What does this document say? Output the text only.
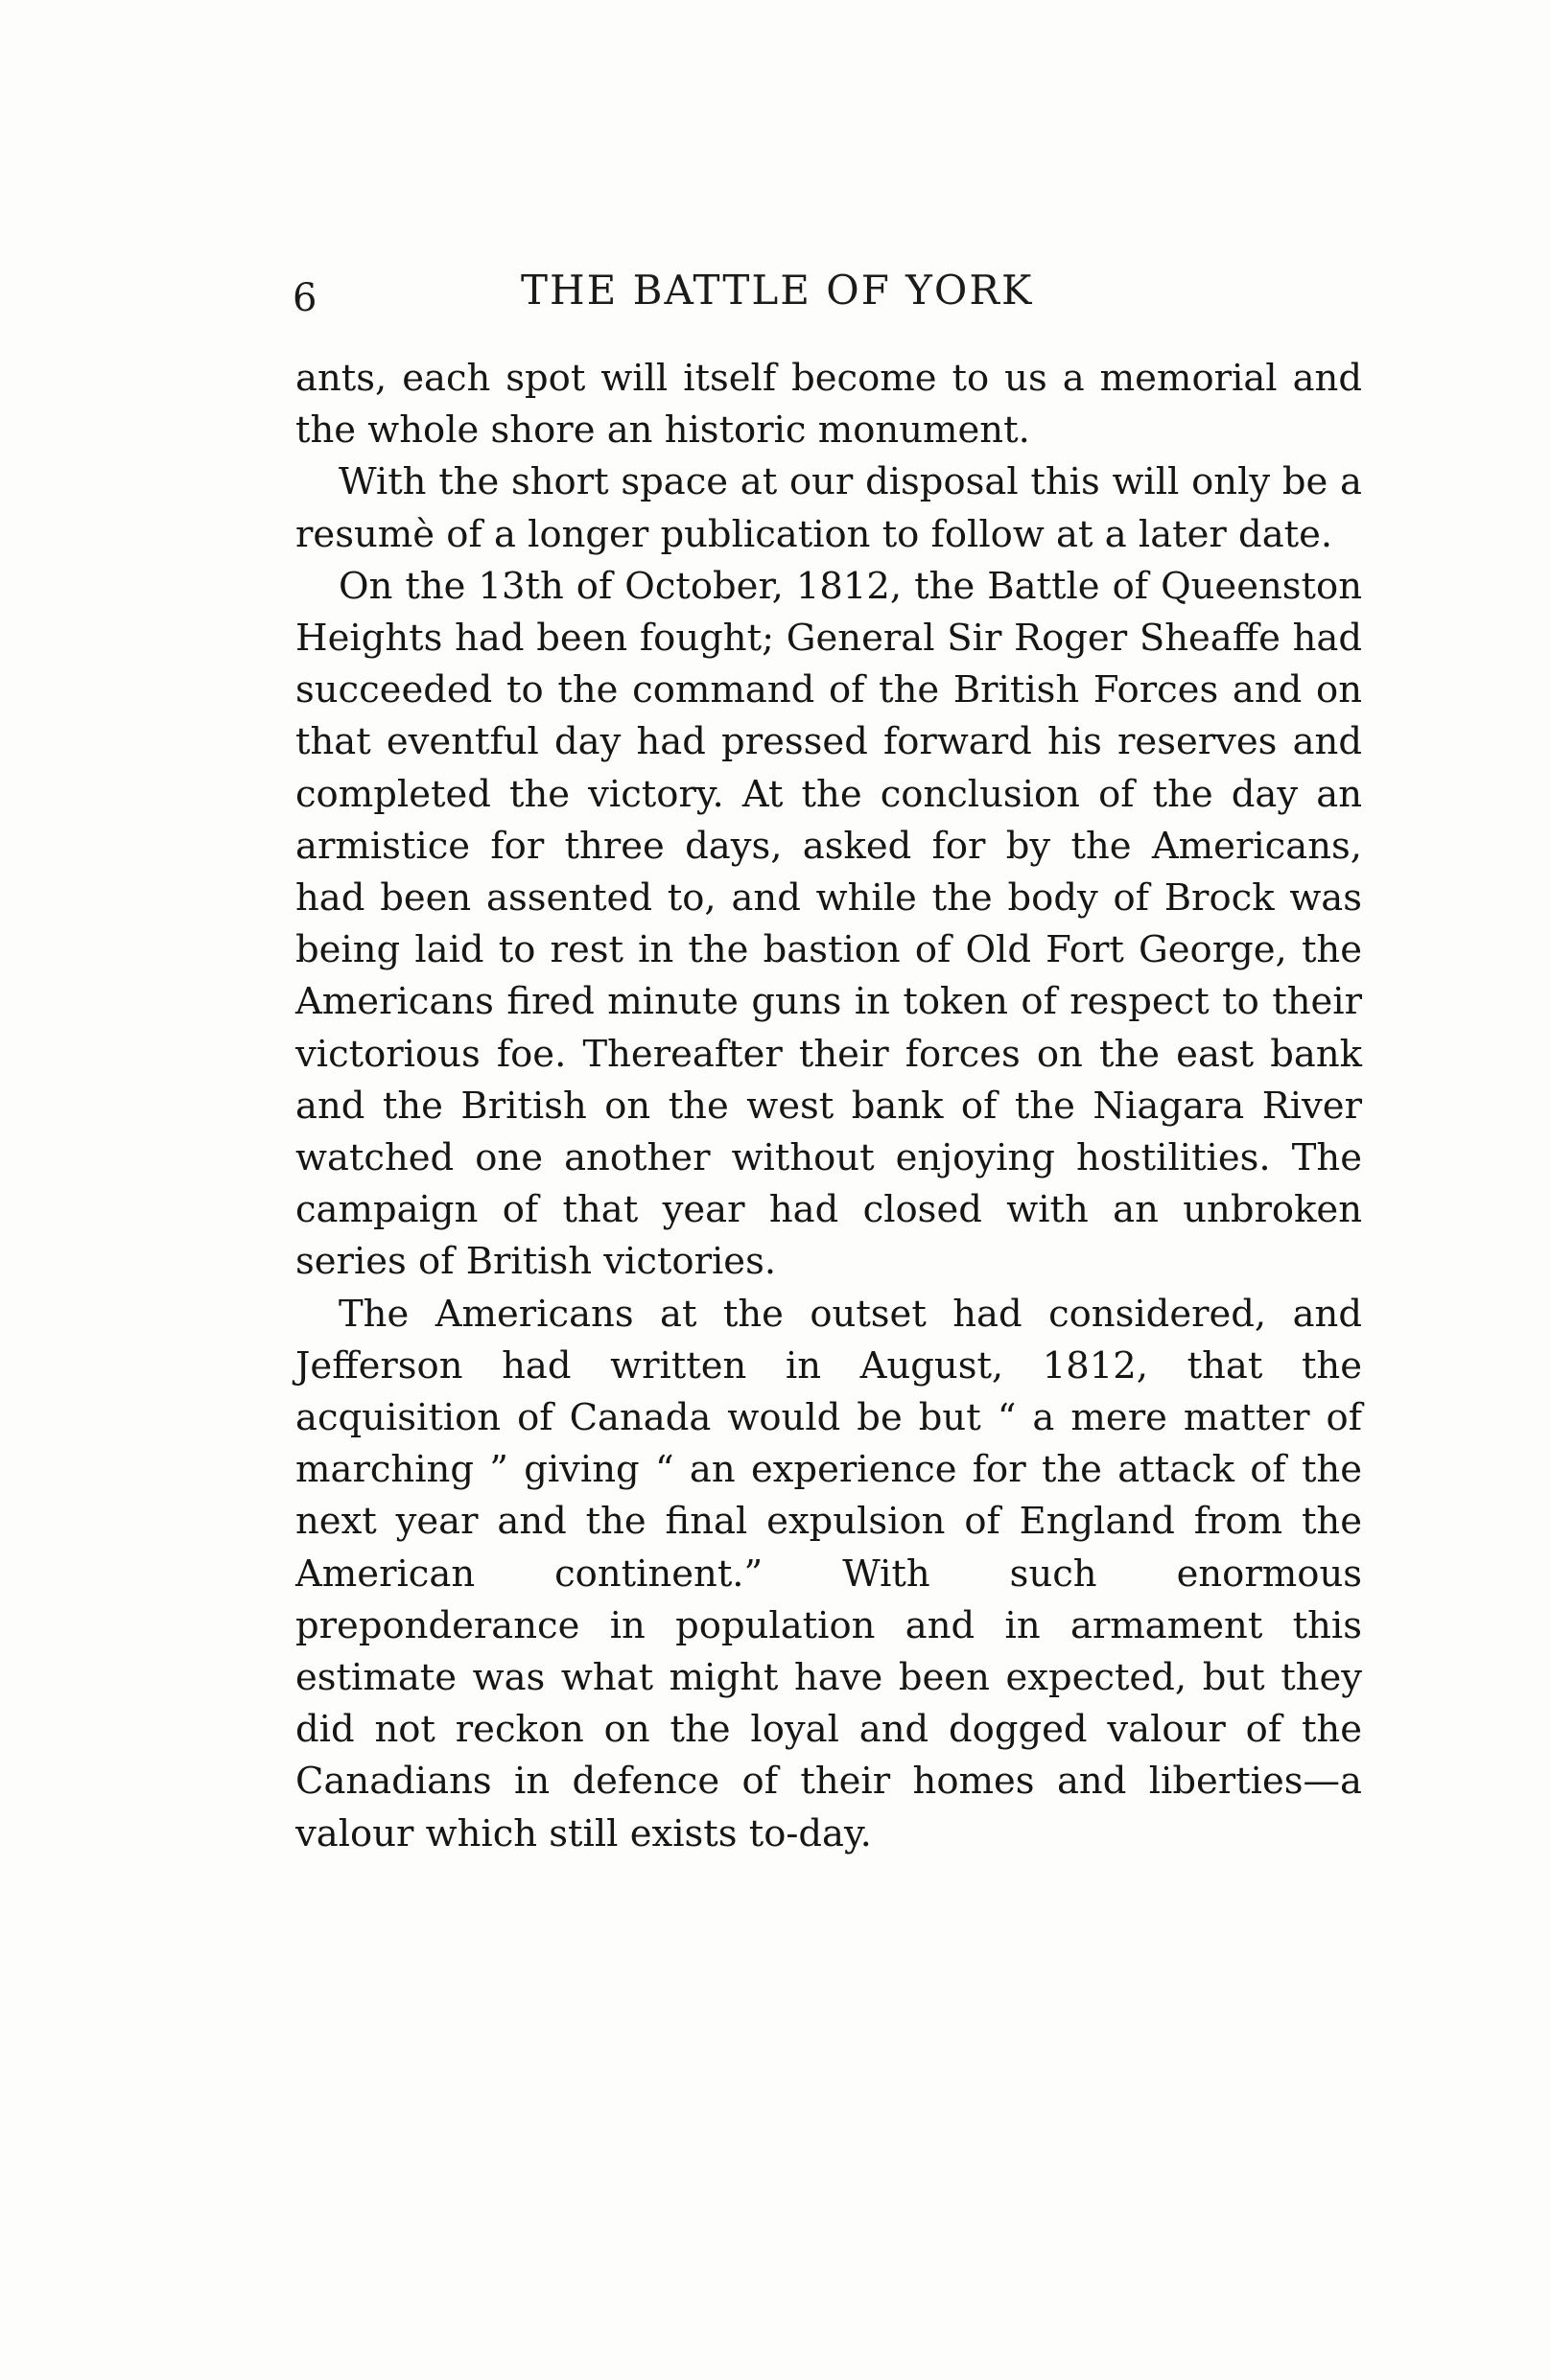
6	THE BATTLE OF YORK

ants, each spot will itself become to us a memorial and the whole shore an historic monument.

With the short space at our disposal this will only be a resumè of a longer publication to follow at a later date.

On the 13th of October, 1812, the Battle of Queenston Heights had been fought; General Sir Roger Sheaffe had succeeded to the command of the British Forces and on that eventful day had pressed forward his reserves and completed the victory. At the conclusion of the day an armistice for three days, asked for by the Americans, had been assented to, and while the body of Brock was being laid to rest in the bastion of Old Fort George, the Americans fired minute guns in token of respect to their victorious foe. Thereafter their forces on the east bank and the British on the west bank of the Niagara River watched one another without enjoying hostilities. The campaign of that year had closed with an unbroken series of British victories.

The Americans at the outset had considered, and Jefferson had written in August, 1812, that the acquisition of Canada would be but “ a mere matter of marching ” giving “ an experience for the attack of the next year and the final expulsion of England from the American continent.” With such enormous preponderance in population and in armament this estimate was what might have been expected, but they did not reckon on the loyal and dogged valour of the Canadians in defence of their homes and liberties—a valour which still exists to-day.
